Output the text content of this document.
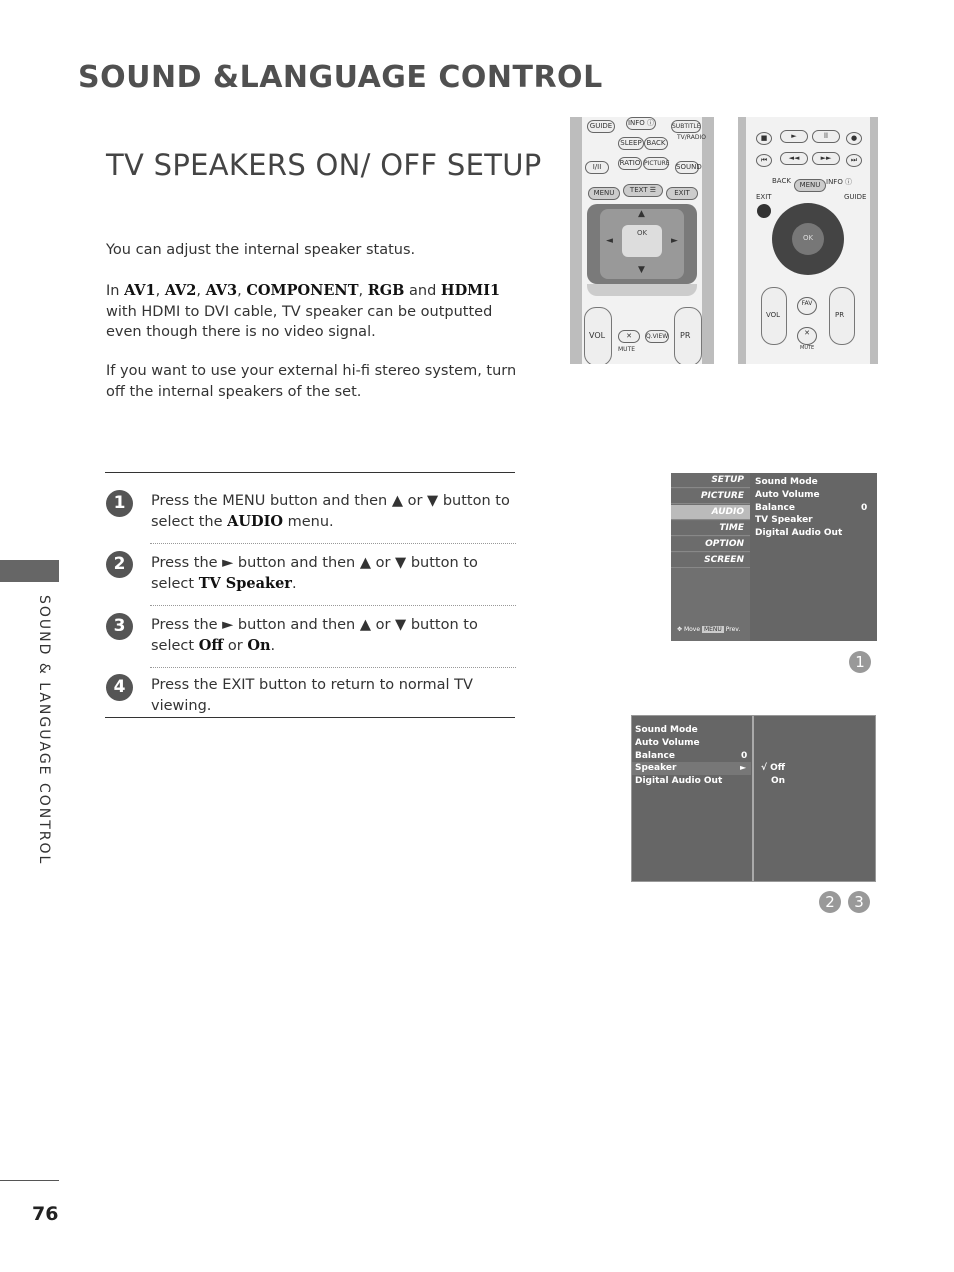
SOUND &LANGUAGE CONTROL
TV SPEAKERS ON/ OFF SETUP
You can adjust the internal speaker status.
In AV1, AV2, AV3, COMPONENT, RGB and HDMI1 with HDMI to DVI cable, TV speaker can be outputted even though there is no video signal.
If you want to use your external hi-fi stereo system, turn off the internal speakers of the set.
SOUND & LANGUAGE CONTROL
1	Press the MENU button and then ▲ or ▼ button to select the AUDIO menu.
2	Press the ► button and then ▲ or ▼ button to select TV Speaker.
3	Press the ► button and then ▲ or ▼ button to select Off or On.
4	Press the EXIT button to return to normal TV viewing.
GUIDE	INFO ⓘ	SUBTITLE
SLEEP BACK
TV/RADIO
I/II	RATIO PICTURE SOUND
MENU	TEXT ☰	EXIT
OK
▲
▼
◄	►
VOL	PR
✕
MUTE
Q.VIEW
■	►	ll	●
⏮	◄◄	►►	⏭
BACK	MENU INFO ⓘ
EXIT	GUIDE
OK
VOL	PR
FAV
✕
MUTE
SETUP
PICTURE
AUDIO
TIME
OPTION
SCREEN
Sound Mode
Auto Volume
Balance	0
TV Speaker
Digital Audio Out
✥ Move MENU Prev.
1
Sound Mode
Auto Volume
Balance	0
Speaker	►
Digital Audio Out
√ Off
On
2	3
76
